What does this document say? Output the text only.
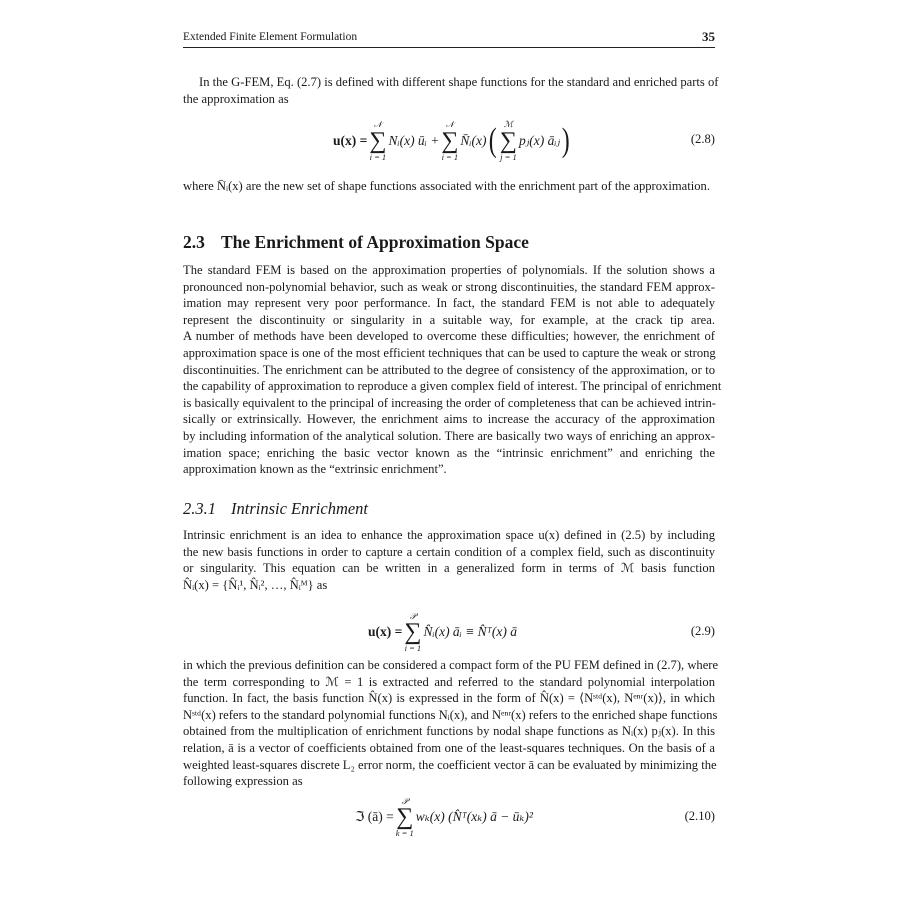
Extended Finite Element Formulation	35
In the G-FEM, Eq. (2.7) is defined with different shape functions for the standard and enriched parts of
the approximation as
u(x) =
𝒩
∑
i = 1
Nᵢ(x) ūᵢ +
𝒩
∑
i = 1
N̄ᵢ(x) ( ℳ
∑
j = 1
pⱼ(x) āᵢⱼ )	(2.8)
where N̄ᵢ(x) are the new set of shape functions associated with the enrichment part of the approximation.
2.3 The Enrichment of Approximation Space
The standard FEM is based on the approximation properties of polynomials. If the solution shows a
pronounced non-polynomial behavior, such as weak or strong discontinuities, the standard FEM approx-
imation may represent very poor performance. In fact, the standard FEM is not able to adequately
represent the discontinuity or singularity in a suitable way, for example, at the crack tip area.
A number of methods have been developed to overcome these difficulties; however, the enrichment of
approximation space is one of the most efficient techniques that can be used to capture the weak or strong
discontinuities. The enrichment can be attributed to the degree of consistency of the approximation, or to
the capability of approximation to reproduce a given complex field of interest. The principal of enrichment
is basically equivalent to the principal of increasing the order of completeness that can be achieved intrin-
sically or extrinsically. However, the enrichment aims to increase the accuracy of the approximation
by including information of the analytical solution. There are basically two ways of enriching an approx-
imation space; enriching the basic vector known as the “intrinsic enrichment” and enriching the
approximation known as the “extrinsic enrichment”.
2.3.1 Intrinsic Enrichment
Intrinsic enrichment is an idea to enhance the approximation space u(x) defined in (2.5) by including
the new basis functions in order to capture a certain condition of a complex field, such as discontinuity
or singularity. This equation can be written in a generalized form in terms of ℳ basis function
N̂ᵢ(x) = {N̂ᵢ¹, N̂ᵢ², …, N̂ᵢᴹ} as
u(x) =
𝒫
∑
i = 1
N̂ᵢ(x) āᵢ ≡ N̂ᵀ(x) ā	(2.9)
in which the previous definition can be considered a compact form of the PU FEM defined in (2.7), where
the term corresponding to ℳ = 1 is extracted and referred to the standard polynomial interpolation
function. In fact, the basis function N̂(x) is expressed in the form of N̂(x) = ⟨Nˢᵗᵈ(x), Nᵉⁿʳ(x)⟩, in which
Nˢᵗᵈ(x) refers to the standard polynomial functions Nᵢ(x), and Nᵉⁿʳ(x) refers to the enriched shape functions
obtained from the multiplication of enrichment functions by nodal shape functions as Nᵢ(x) pⱼ(x). In this
relation, ā is a vector of coefficients obtained from one of the least-squares techniques. On the basis of a
weighted least-squares discrete L₂ error norm, the coefficient vector ā can be evaluated by minimizing the
following expression as
ℑ (ā) =
𝒫
∑
k = 1
wₖ(x) (N̂ᵀ(xₖ) ā − ūₖ)²	(2.10)
